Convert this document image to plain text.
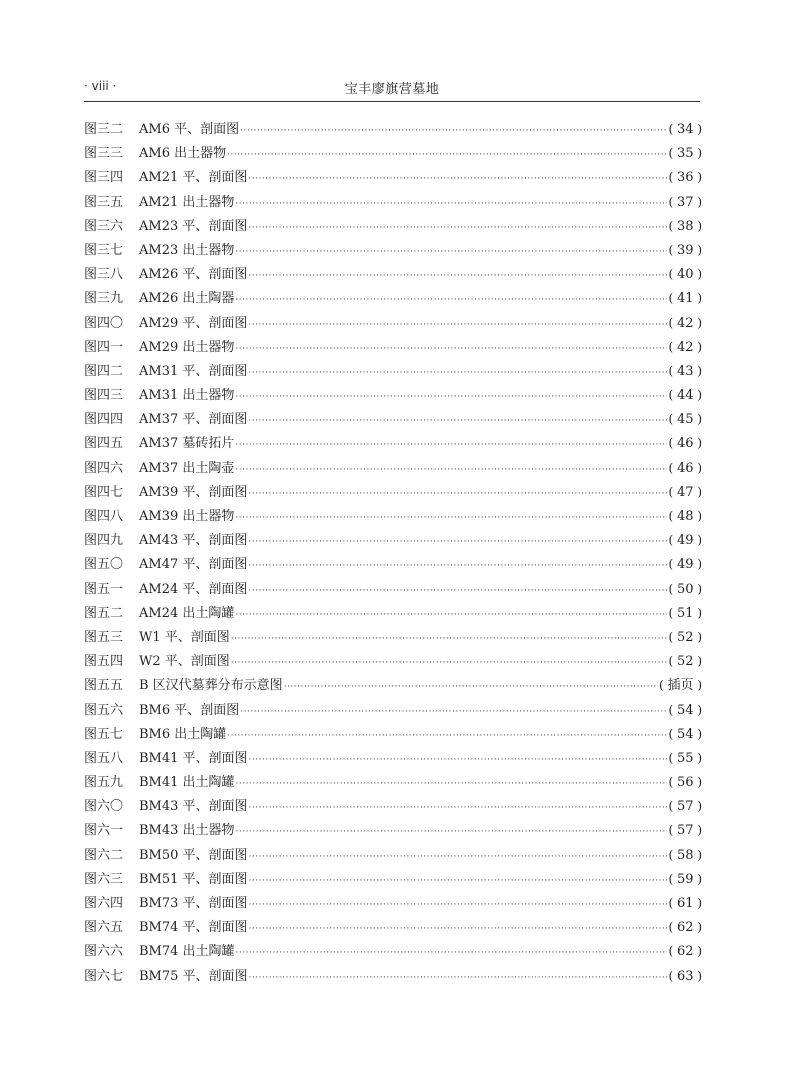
· viii ·	宝丰廖旗营墓地
图三二	AM6 平、剖面图 ·····	( 34 )
图三三	AM6 出土器物 ·····	( 35 )
图三四	AM21 平、剖面图 ·····	( 36 )
图三五	AM21 出土器物 ·····	( 37 )
图三六	AM23 平、剖面图 ·····	( 38 )
图三七	AM23 出土器物 ·····	( 39 )
图三八	AM26 平、剖面图 ·····	( 40 )
图三九	AM26 出土陶器 ·····	( 41 )
图四〇	AM29 平、剖面图 ·····	( 42 )
图四一	AM29 出土器物 ·····	( 42 )
图四二	AM31 平、剖面图 ·····	( 43 )
图四三	AM31 出土器物 ·····	( 44 )
图四四	AM37 平、剖面图 ·····	( 45 )
图四五	AM37 墓砖拓片 ·····	( 46 )
图四六	AM37 出土陶壶 ·····	( 46 )
图四七	AM39 平、剖面图 ·····	( 47 )
图四八	AM39 出土器物 ·····	( 48 )
图四九	AM43 平、剖面图 ·····	( 49 )
图五〇	AM47 平、剖面图 ·····	( 49 )
图五一	AM24 平、剖面图 ·····	( 50 )
图五二	AM24 出土陶罐 ·····	( 51 )
图五三	W1 平、剖面图 ·····	( 52 )
图五四	W2 平、剖面图 ·····	( 52 )
图五五	B 区汉代墓葬分布示意图 ·····	( 插页 )
图五六	BM6 平、剖面图 ·····	( 54 )
图五七	BM6 出土陶罐 ·····	( 54 )
图五八	BM41 平、剖面图 ·····	( 55 )
图五九	BM41 出土陶罐 ·····	( 56 )
图六〇	BM43 平、剖面图 ·····	( 57 )
图六一	BM43 出土器物 ·····	( 57 )
图六二	BM50 平、剖面图 ·····	( 58 )
图六三	BM51 平、剖面图 ·····	( 59 )
图六四	BM73 平、剖面图 ·····	( 61 )
图六五	BM74 平、剖面图 ·····	( 62 )
图六六	BM74 出土陶罐 ·····	( 62 )
图六七	BM75 平、剖面图 ·····	( 63 )
